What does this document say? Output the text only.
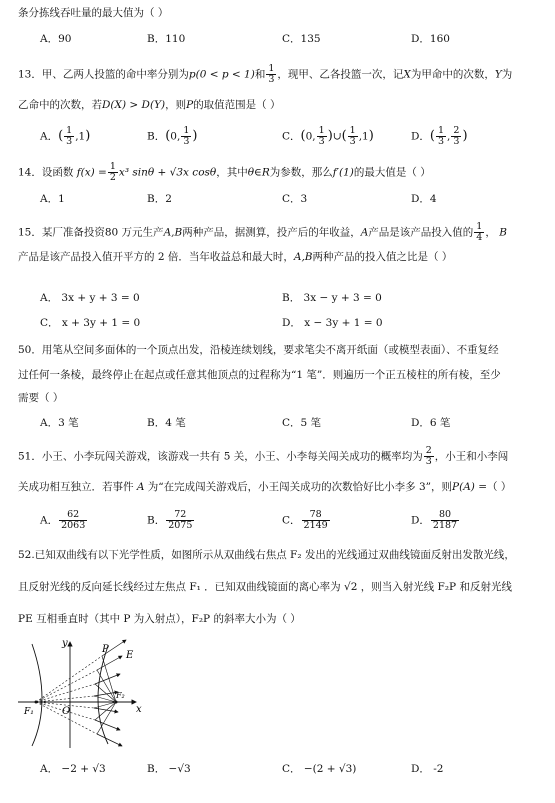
条分拣线吞吐量的最大值为（ ）
A．90	B．110	C．135	D．160
13．甲、乙两人投篮的命中率分别为p(0 < p < 1)和 $\frac{1}{3}$ ，现甲、乙各投篮一次，记X为甲命中的次数，Y为
乙命中的次数，若D(X) > D(Y)，则P的取值范围是（ ）
A．( $\frac{1}{3} ,1$)	B．(0, $\frac{1}{3}$ )	C．(0, $\frac{1}{3}$ )∪( $\frac{1}{3} ,1$)	D．( $\frac{1}{3}$ , $\frac{2}{3}$ )
14．设函数 $f(x) = \frac{1}{2} x^3$ sinθ + √3x cosθ，其中θ∈R为参数，那么f′(1)的最大值是（ ）
A．1	B．2	C．3	D．4
15．某厂准备投资80 万元生产A,B两种产品，据测算，投产后的年收益，A产品是该产品投入值的 $\frac{1}{4}$ ， B
产品是该产品投入值开平方的 2 倍．当年收益总和最大时，A,B两种产品的投入值之比是（ ）
A． 3x + y + 3 = 0	B． 3x − y + 3 = 0
C． x + 3y + 1 = 0	D． x − 3y + 1 = 0
50．用笔从空间多面体的一个顶点出发，沿棱连续划线，要求笔尖不离开纸面（或模型表面）、不重复经
过任何一条棱，最终停止在起点或任意其他顶点的过程称为“1 笔”．则遍历一个正五棱柱的所有棱，至少
需要（ ）
A．3 笔	B．4 笔	C．5 笔	D．6 笔
51．小王、小李玩闯关游戏，该游戏一共有 5 关，小王、小李每关闯关成功的概率均为 $\frac{2}{3}$ ，小王和小李闯
关成功相互独立．若事件 A 为“在完成闯关游戏后，小王闯关成功的次数恰好比小李多 3”，则P(A) =（ ）
A． $\frac{62}{2063}$	B． $\frac{72}{2075}$	C． $\frac{78}{2149}$	D． $\frac{80}{2187}$
52.已知双曲线有以下光学性质，如图所示从双曲线右焦点 F₂ 发出的光线通过双曲线镜面反射出发散光线，
且反射光线的反向延长线经过左焦点 F₁ ．已知双曲线镜面的离心率为 √2 ，则当入射光线 F₂P 和反射光线
PE 互相垂直时（其中 P 为入射点），F₂P 的斜率大小为（ ）
y
x
P
E
O
F₁
F₂
A． −2 + √3	B． −√3	C． −(2 + √3)	D． -2
